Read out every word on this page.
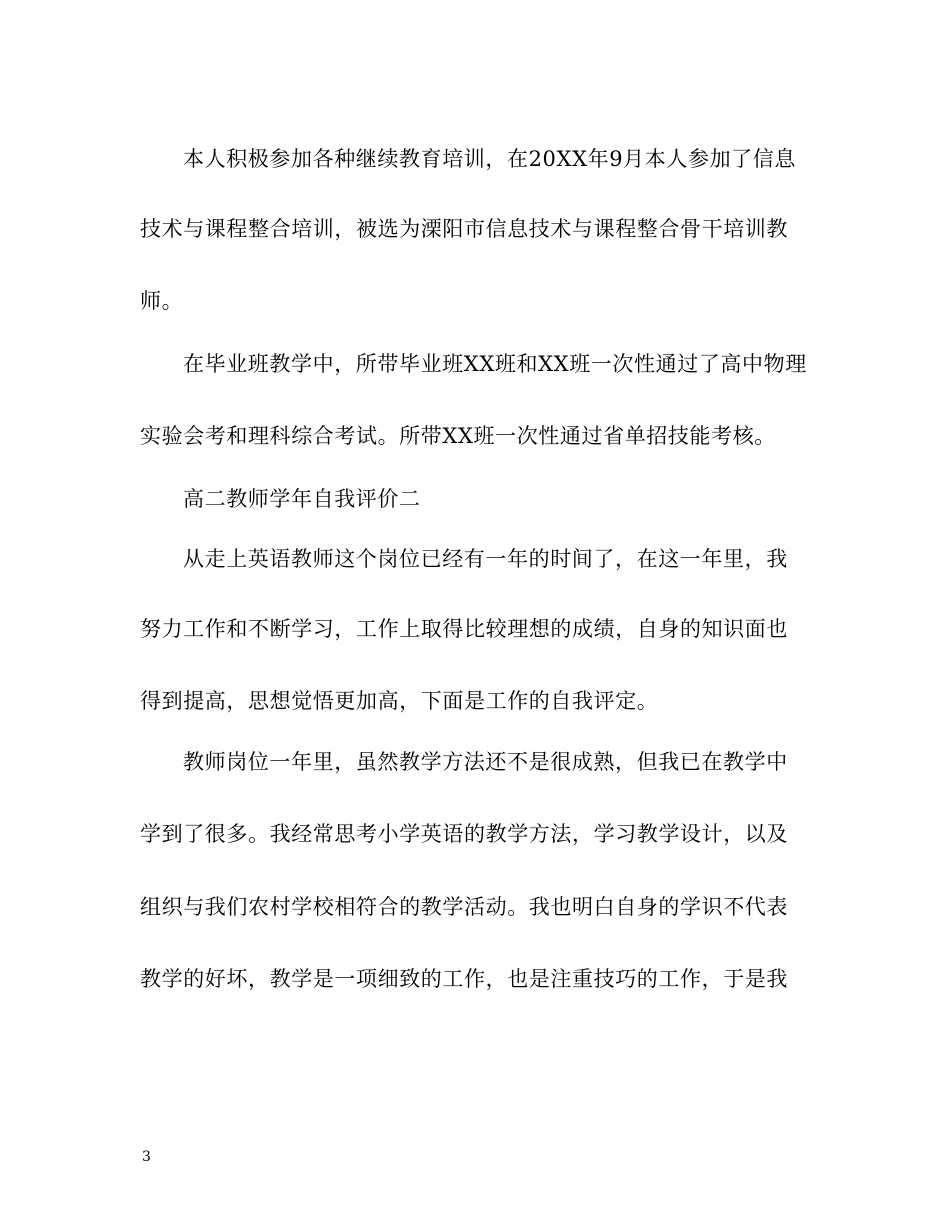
本人积极参加各种继续教育培训，在20XX年9月本人参加了信息
技术与课程整合培训，被选为溧阳市信息技术与课程整合骨干培训教
师。
在毕业班教学中，所带毕业班XX班和XX班一次性通过了高中物理
实验会考和理科综合考试。所带XX班一次性通过省单招技能考核。
高二教师学年自我评价二
从走上英语教师这个岗位已经有一年的时间了，在这一年里，我
努力工作和不断学习，工作上取得比较理想的成绩，自身的知识面也
得到提高，思想觉悟更加高，下面是工作的自我评定。
教师岗位一年里，虽然教学方法还不是很成熟，但我已在教学中
学到了很多。我经常思考小学英语的教学方法，学习教学设计，以及
组织与我们农村学校相符合的教学活动。我也明白自身的学识不代表
教学的好坏，教学是一项细致的工作，也是注重技巧的工作，于是我
3
